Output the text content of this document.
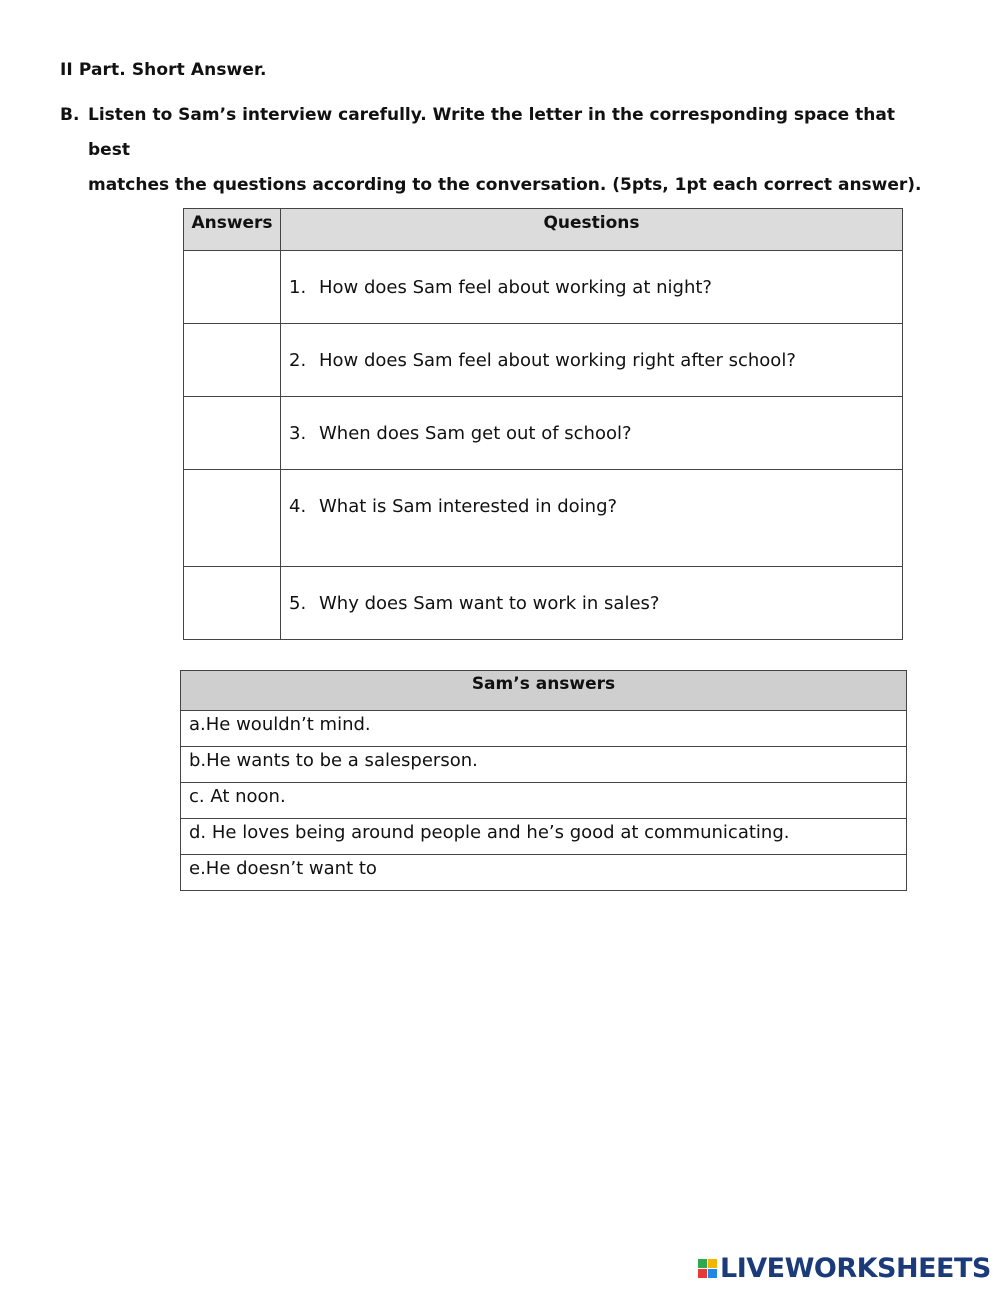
II Part. Short Answer.
B. Listen to Sam’s interview carefully. Write the letter in the corresponding space that best
matches the questions according to the conversation. (5pts, 1pt each correct answer).
Answers	Questions
	1. How does Sam feel about working at night?
	2. How does Sam feel about working right after school?
	3. When does Sam get out of school?
	4. What is Sam interested in doing?
	5. Why does Sam want to work in sales?
Sam’s answers
a.He wouldn’t mind.
b.He wants to be a salesperson.
c. At noon.
d. He loves being around people and he’s good at communicating.
e.He doesn’t want to
LIVEWORKSHEETS
